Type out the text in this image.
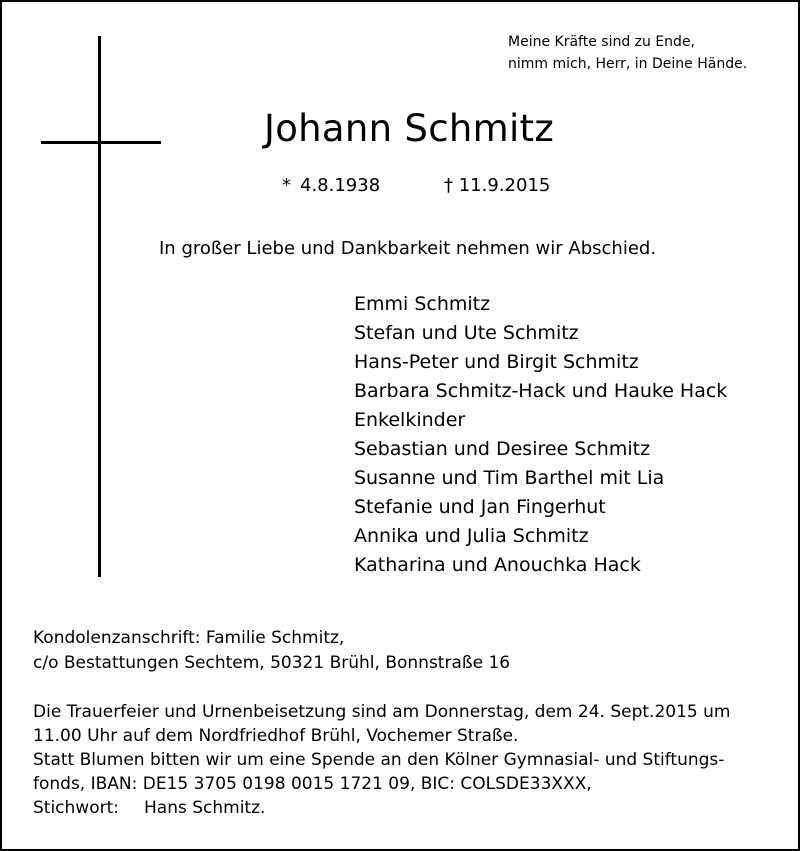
Meine Kräfte sind zu Ende,
nimm mich, Herr, in Deine Hände.
Johann Schmitz
* 4.8.1938	† 11.9.2015
In großer Liebe und Dankbarkeit nehmen wir Abschied.
Emmi Schmitz
Stefan und Ute Schmitz
Hans-Peter und Birgit Schmitz
Barbara Schmitz-Hack und Hauke Hack
Enkelkinder
Sebastian und Desiree Schmitz
Susanne und Tim Barthel mit Lia
Stefanie und Jan Fingerhut
Annika und Julia Schmitz
Katharina und Anouchka Hack
Kondolenzanschrift: Familie Schmitz,
c/o Bestattungen Sechtem, 50321 Brühl, Bonnstraße 16
Die Trauerfeier und Urnenbeisetzung sind am Donnerstag, dem 24. Sept.2015 um
11.00 Uhr auf dem Nordfriedhof Brühl, Vochemer Straße.
Statt Blumen bitten wir um eine Spende an den Kölner Gymnasial- und Stiftungs-
fonds, IBAN: DE15 3705 0198 0015 1721 09, BIC: COLSDE33XXX,
Stichwort: Hans Schmitz.
